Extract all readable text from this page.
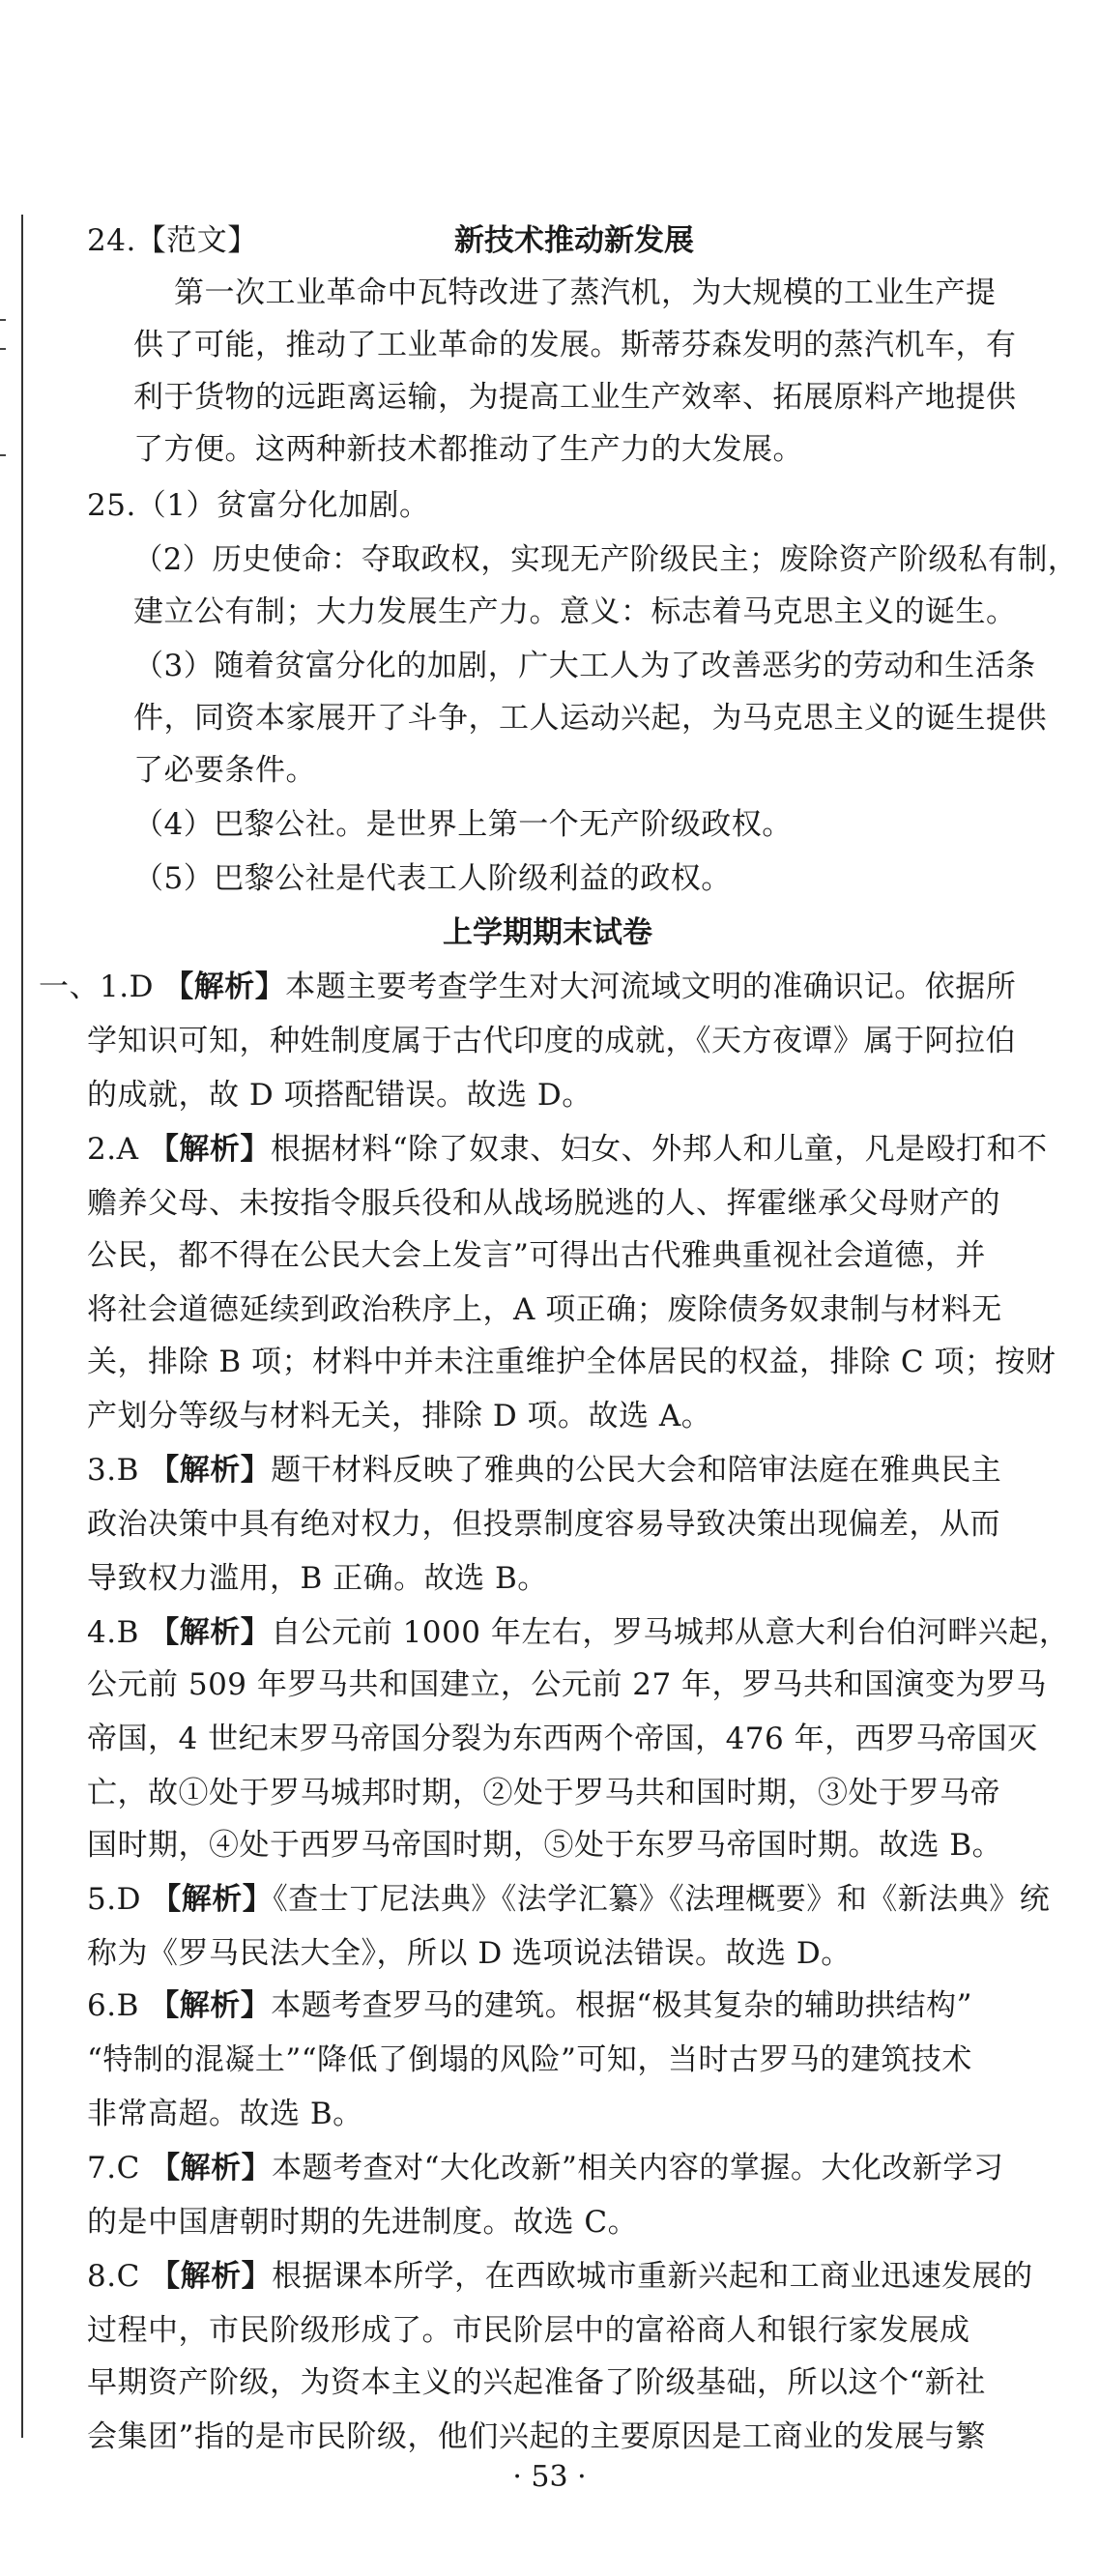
24.【范文】	新技术推动新发展
第一次工业革命中瓦特改进了蒸汽机，为大规模的工业生产提
供了可能，推动了工业革命的发展。斯蒂芬森发明的蒸汽机车，有
利于货物的远距离运输，为提高工业生产效率、拓展原料产地提供
了方便。这两种新技术都推动了生产力的大发展。
25.（1）贫富分化加剧。
（2）历史使命：夺取政权，实现无产阶级民主；废除资产阶级私有制，
建立公有制；大力发展生产力。意义：标志着马克思主义的诞生。
（3）随着贫富分化的加剧，广大工人为了改善恶劣的劳动和生活条
件，同资本家展开了斗争，工人运动兴起，为马克思主义的诞生提供
了必要条件。
（4）巴黎公社。是世界上第一个无产阶级政权。
（5）巴黎公社是代表工人阶级利益的政权。
上学期期末试卷
一、1.D 【解析】本题主要考查学生对大河流域文明的准确识记。依据所
学知识可知，种姓制度属于古代印度的成就，《天方夜谭》属于阿拉伯
的成就，故 D 项搭配错误。故选 D。
2.A 【解析】根据材料“除了奴隶、妇女、外邦人和儿童，凡是殴打和不
赡养父母、未按指令服兵役和从战场脱逃的人、挥霍继承父母财产的
公民，都不得在公民大会上发言”可得出古代雅典重视社会道德，并
将社会道德延续到政治秩序上，A 项正确；废除债务奴隶制与材料无
关，排除 B 项；材料中并未注重维护全体居民的权益，排除 C 项；按财
产划分等级与材料无关，排除 D 项。故选 A。
3.B 【解析】题干材料反映了雅典的公民大会和陪审法庭在雅典民主
政治决策中具有绝对权力，但投票制度容易导致决策出现偏差，从而
导致权力滥用，B 正确。故选 B。
4.B 【解析】自公元前 1000 年左右，罗马城邦从意大利台伯河畔兴起，
公元前 509 年罗马共和国建立，公元前 27 年，罗马共和国演变为罗马
帝国，4 世纪末罗马帝国分裂为东西两个帝国，476 年，西罗马帝国灭
亡，故①处于罗马城邦时期，②处于罗马共和国时期，③处于罗马帝
国时期，④处于西罗马帝国时期，⑤处于东罗马帝国时期。故选 B。
5.D 【解析】《查士丁尼法典》《法学汇纂》《法理概要》和《新法典》统
称为《罗马民法大全》，所以 D 选项说法错误。故选 D。
6.B 【解析】本题考查罗马的建筑。根据“极其复杂的辅助拱结构”
“特制的混凝土”“降低了倒塌的风险”可知，当时古罗马的建筑技术
非常高超。故选 B。
7.C 【解析】本题考查对“大化改新”相关内容的掌握。大化改新学习
的是中国唐朝时期的先进制度。故选 C。
8.C 【解析】根据课本所学，在西欧城市重新兴起和工商业迅速发展的
过程中，市民阶级形成了。市民阶层中的富裕商人和银行家发展成
早期资产阶级，为资本主义的兴起准备了阶级基础，所以这个“新社
会集团”指的是市民阶级，他们兴起的主要原因是工商业的发展与繁
· 53 ·
